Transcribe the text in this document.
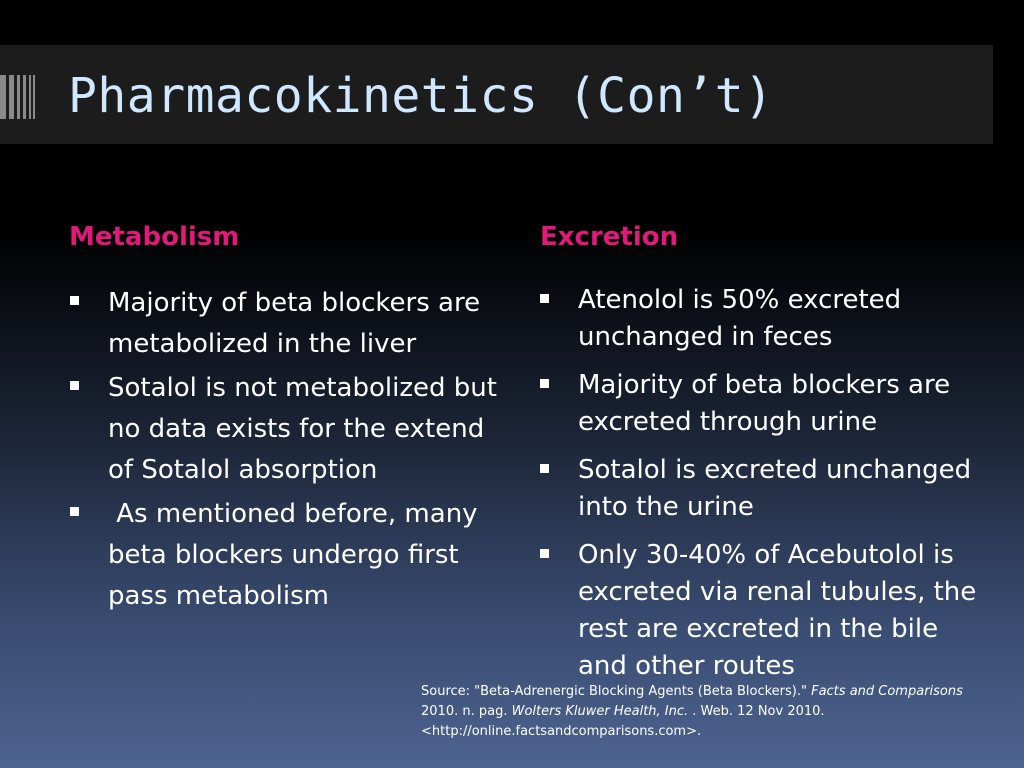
Pharmacokinetics (Con’t)
Metabolism	Excretion
Majority of beta blockers are metabolized in the liver
Sotalol is not metabolized but no data exists for the extend of Sotalol absorption
As mentioned before, many beta blockers undergo first pass metabolism
Atenolol is 50% excreted unchanged in feces
Majority of beta blockers are excreted through urine
Sotalol is excreted unchanged into the urine
Only 30-40% of Acebutolol is excreted via renal tubules, the rest are excreted in the bile and other routes
Source: "Beta-Adrenergic Blocking Agents (Beta Blockers)." Facts and Comparisons 2010. n. pag. Wolters Kluwer Health, Inc. . Web. 12 Nov 2010. <http://online.factsandcomparisons.com>.
